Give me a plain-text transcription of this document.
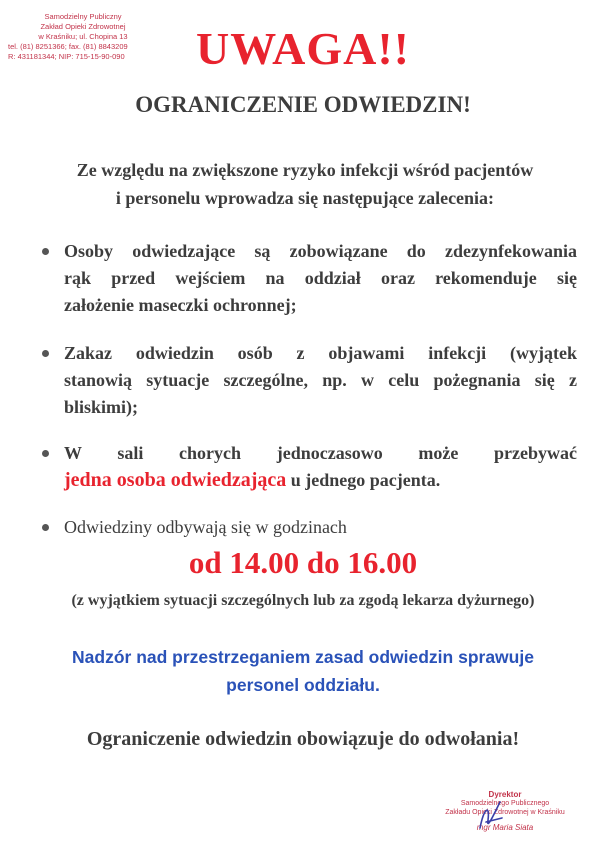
Samodzielny Publiczny
Zakład Opieki Zdrowotnej
w Kraśniku; ul. Chopina 13
tel. (81) 8251366; fax. (81) 8843209
R: 431181344; NIP: 715-15-90-090	UWAGA!!
OGRANICZENIE ODWIEDZIN!
Ze względu na zwiększone ryzyko infekcji wśród pacjentów
i personelu wprowadza się następujące zalecenia:
Osoby odwiedzające są zobowiązane do zdezynfekowania
rąk przed wejściem na oddział oraz rekomenduje się
założenie maseczki ochronnej;
Zakaz odwiedzin osób z objawami infekcji (wyjątek
stanowią sytuacje szczególne, np. w celu pożegnania się z
bliskimi);
W sali chorych jednoczasowo może przebywać
jedna osoba odwiedzająca u jednego pacjenta.
Odwiedziny odbywają się w godzinach
od 14.00 do 16.00
(z wyjątkiem sytuacji szczególnych lub za zgodą lekarza dyżurnego)
Nadzór nad przestrzeganiem zasad odwiedzin sprawuje
personel oddziału.
Ograniczenie odwiedzin obowiązuje do odwołania!
Dyrektor
Samodzielnego Publicznego
Zakładu Opieki Zdrowotnej w Kraśniku
mgr Maria Siata
